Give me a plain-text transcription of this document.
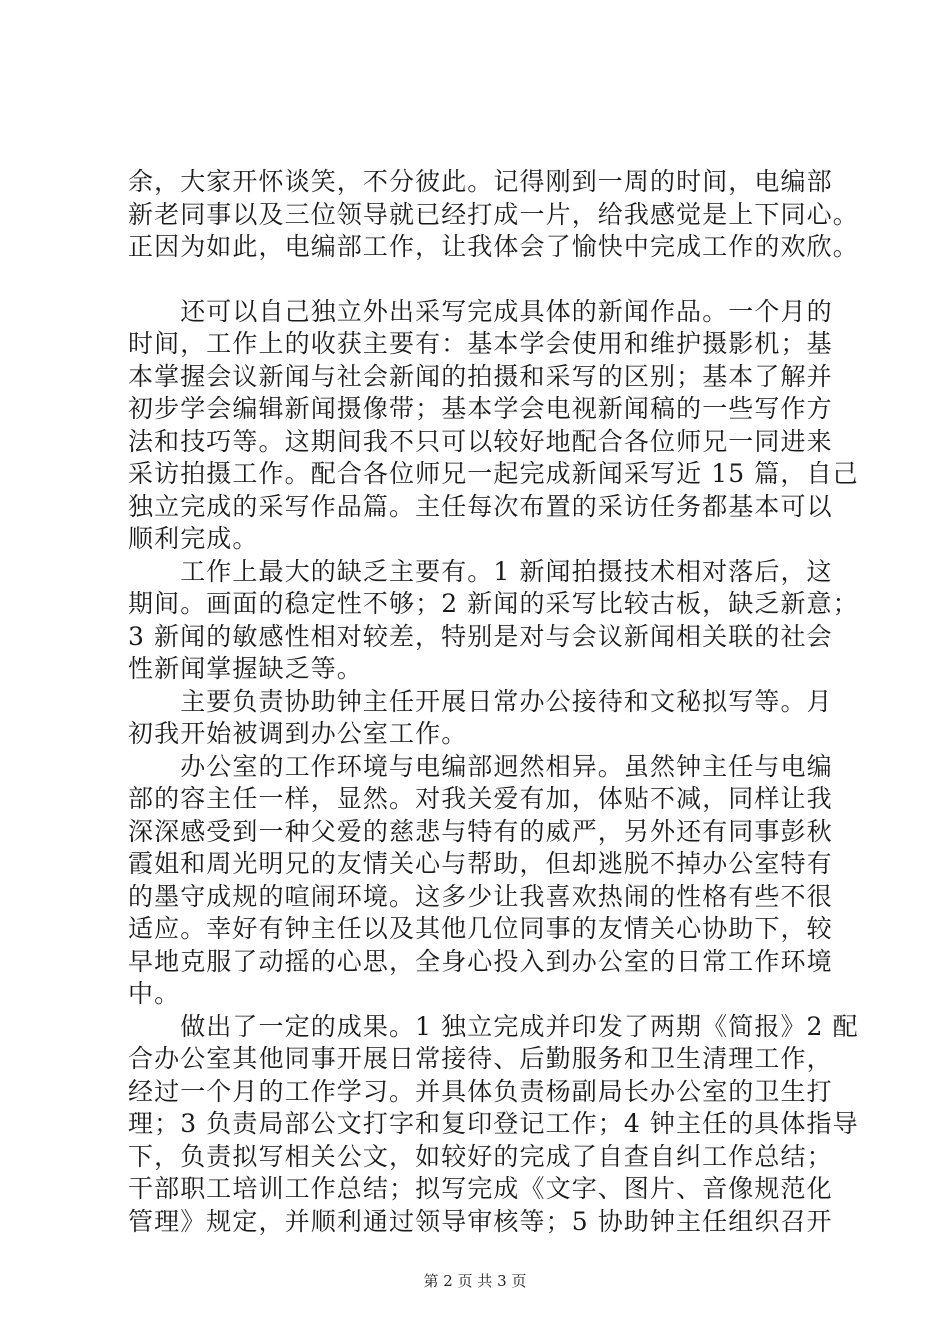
余，大家开怀谈笑，不分彼此。记得刚到一周的时间，电编部
新老同事以及三位领导就已经打成一片，给我感觉是上下同心。
正因为如此，电编部工作，让我体会了愉快中完成工作的欢欣。
　　还可以自己独立外出采写完成具体的新闻作品。一个月的
时间，工作上的收获主要有：基本学会使用和维护摄影机；基
本掌握会议新闻与社会新闻的拍摄和采写的区别；基本了解并
初步学会编辑新闻摄像带；基本学会电视新闻稿的一些写作方
法和技巧等。这期间我不只可以较好地配合各位师兄一同进来
采访拍摄工作。配合各位师兄一起完成新闻采写近 15 篇，自己
独立完成的采写作品篇。主任每次布置的采访任务都基本可以
顺利完成。
　　工作上最大的缺乏主要有。1 新闻拍摄技术相对落后，这
期间。画面的稳定性不够；2 新闻的采写比较古板，缺乏新意；
3 新闻的敏感性相对较差，特别是对与会议新闻相关联的社会
性新闻掌握缺乏等。
　　主要负责协助钟主任开展日常办公接待和文秘拟写等。月
初我开始被调到办公室工作。
　　办公室的工作环境与电编部迥然相异。虽然钟主任与电编
部的容主任一样，显然。对我关爱有加，体贴不减，同样让我
深深感受到一种父爱的慈悲与特有的威严，另外还有同事彭秋
霞姐和周光明兄的友情关心与帮助，但却逃脱不掉办公室特有
的墨守成规的喧闹环境。这多少让我喜欢热闹的性格有些不很
适应。幸好有钟主任以及其他几位同事的友情关心协助下，较
早地克服了动摇的心思，全身心投入到办公室的日常工作环境
中。
　　做出了一定的成果。1 独立完成并印发了两期《简报》2 配
合办公室其他同事开展日常接待、后勤服务和卫生清理工作，
经过一个月的工作学习。并具体负责杨副局长办公室的卫生打
理；3 负责局部公文打字和复印登记工作；4 钟主任的具体指导
下，负责拟写相关公文，如较好的完成了自查自纠工作总结；
干部职工培训工作总结；拟写完成《文字、图片、音像规范化
管理》规定，并顺利通过领导审核等；5 协助钟主任组织召开
第 2 页 共 3 页
